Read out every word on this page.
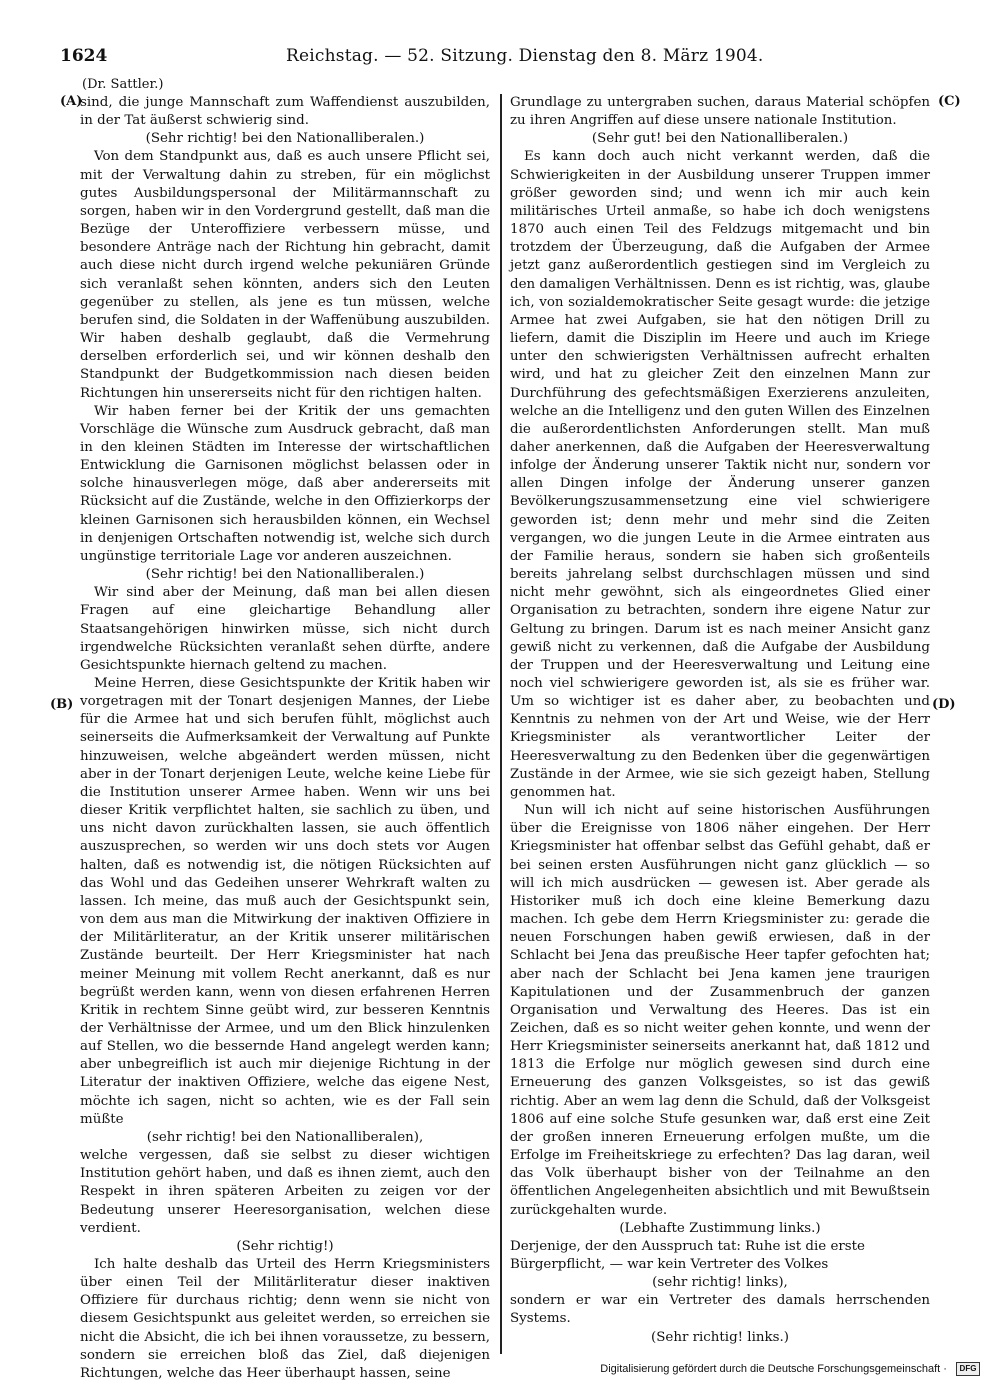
1624	Reichstag. — 52. Sitzung. Dienstag den 8. März 1904.
(Dr. Sattler.)
(A)
(B)
(C)
(D)

sind, die junge Mannschaft zum Waffendienst auszubilden, in der Tat äußerst schwierig sind.

(Sehr richtig! bei den Nationalliberalen.)

Von dem Standpunkt aus, daß es auch unsere Pflicht sei, mit der Verwaltung dahin zu streben, für ein möglichst gutes Ausbildungspersonal der Militärmannschaft zu sorgen, haben wir in den Vordergrund gestellt, daß man die Bezüge der Unteroffiziere verbessern müsse, und besondere Anträge nach der Richtung hin gebracht, damit auch diese nicht durch irgend welche pekuniären Gründe sich veranlaßt sehen könnten, anders sich den Leuten gegenüber zu stellen, als jene es tun müssen, welche berufen sind, die Soldaten in der Waffenübung auszubilden. Wir haben deshalb geglaubt, daß die Vermehrung derselben erforderlich sei, und wir können deshalb den Standpunkt der Budgetkommission nach diesen beiden Richtungen hin unsererseits nicht für den richtigen halten.

Wir haben ferner bei der Kritik der uns gemachten Vorschläge die Wünsche zum Ausdruck gebracht, daß man in den kleinen Städten im Interesse der wirtschaftlichen Entwicklung die Garnisonen möglichst belassen oder in solche hinausverlegen möge, daß aber andererseits mit Rücksicht auf die Zustände, welche in den Offizierkorps der kleinen Garnisonen sich herausbilden können, ein Wechsel in denjenigen Ortschaften notwendig ist, welche sich durch ungünstige territoriale Lage vor anderen auszeichnen.

(Sehr richtig! bei den Nationalliberalen.)

Wir sind aber der Meinung, daß man bei allen diesen Fragen auf eine gleichartige Behandlung aller Staatsangehörigen hinwirken müsse, sich nicht durch irgendwelche Rücksichten veranlaßt sehen dürfte, andere Gesichtspunkte hiernach geltend zu machen.

Meine Herren, diese Gesichtspunkte der Kritik haben wir vorgetragen mit der Tonart desjenigen Mannes, der Liebe für die Armee hat und sich berufen fühlt, möglichst auch seinerseits die Aufmerksamkeit der Verwaltung auf Punkte hinzuweisen, welche abgeändert werden müssen, nicht aber in der Tonart derjenigen Leute, welche keine Liebe für die Institution unserer Armee haben. Wenn wir uns bei dieser Kritik verpflichtet halten, sie sachlich zu üben, und uns nicht davon zurückhalten lassen, sie auch öffentlich auszusprechen, so werden wir uns doch stets vor Augen halten, daß es notwendig ist, die nötigen Rücksichten auf das Wohl und das Gedeihen unserer Wehrkraft walten zu lassen. Ich meine, das muß auch der Gesichtspunkt sein, von dem aus man die Mitwirkung der inaktiven Offiziere in der Militärliteratur, an der Kritik unserer militärischen Zustände beurteilt. Der Herr Kriegsminister hat nach meiner Meinung mit vollem Recht anerkannt, daß es nur begrüßt werden kann, wenn von diesen erfahrenen Herren Kritik in rechtem Sinne geübt wird, zur besseren Kenntnis der Verhältnisse der Armee, und um den Blick hinzulenken auf Stellen, wo die bessernde Hand angelegt werden kann; aber unbegreiflich ist auch mir diejenige Richtung in der Literatur der inaktiven Offiziere, welche das eigene Nest, möchte ich sagen, nicht so achten, wie es der Fall sein müßte

(sehr richtig! bei den Nationalliberalen),

welche vergessen, daß sie selbst zu dieser wichtigen Institution gehört haben, und daß es ihnen ziemt, auch den Respekt in ihren späteren Arbeiten zu zeigen vor der Bedeutung unserer Heeresorganisation, welchen diese verdient.

(Sehr richtig!)

Ich halte deshalb das Urteil des Herrn Kriegsministers über einen Teil der Militärliteratur dieser inaktiven Offiziere für durchaus richtig; denn wenn sie nicht von diesem Gesichtspunkt aus geleitet werden, so erreichen sie nicht die Absicht, die ich bei ihnen voraussetze, zu bessern, sondern sie erreichen bloß das Ziel, daß diejenigen Richtungen, welche das Heer überhaupt hassen, seine

Grundlage zu untergraben suchen, daraus Material schöpfen zu ihren Angriffen auf diese unsere nationale Institution.

(Sehr gut! bei den Nationalliberalen.)

Es kann doch auch nicht verkannt werden, daß die Schwierigkeiten in der Ausbildung unserer Truppen immer größer geworden sind; und wenn ich mir auch kein militärisches Urteil anmaße, so habe ich doch wenigstens 1870 auch einen Teil des Feldzugs mitgemacht und bin trotzdem der Überzeugung, daß die Aufgaben der Armee jetzt ganz außerordentlich gestiegen sind im Vergleich zu den damaligen Verhältnissen. Denn es ist richtig, was, glaube ich, von sozialdemokratischer Seite gesagt wurde: die jetzige Armee hat zwei Aufgaben, sie hat den nötigen Drill zu liefern, damit die Disziplin im Heere und auch im Kriege unter den schwierigsten Verhältnissen aufrecht erhalten wird, und hat zu gleicher Zeit den einzelnen Mann zur Durchführung des gefechtsmäßigen Exerzierens anzuleiten, welche an die Intelligenz und den guten Willen des Einzelnen die außerordentlichsten Anforderungen stellt. Man muß daher anerkennen, daß die Aufgaben der Heeresverwaltung infolge der Änderung unserer Taktik nicht nur, sondern vor allen Dingen infolge der Änderung unserer ganzen Bevölkerungszusammensetzung eine viel schwierigere geworden ist; denn mehr und mehr sind die Zeiten vergangen, wo die jungen Leute in die Armee eintraten aus der Familie heraus, sondern sie haben sich großenteils bereits jahrelang selbst durchschlagen müssen und sind nicht mehr gewöhnt, sich als eingeordnetes Glied einer Organisation zu betrachten, sondern ihre eigene Natur zur Geltung zu bringen. Darum ist es nach meiner Ansicht ganz gewiß nicht zu verkennen, daß die Aufgabe der Ausbildung der Truppen und der Heeresverwaltung und Leitung eine noch viel schwierigere geworden ist, als sie es früher war. Um so wichtiger ist es daher aber, zu beobachten und Kenntnis zu nehmen von der Art und Weise, wie der Herr Kriegsminister als verantwortlicher Leiter der Heeresverwaltung zu den Bedenken über die gegenwärtigen Zustände in der Armee, wie sie sich gezeigt haben, Stellung genommen hat.

Nun will ich nicht auf seine historischen Ausführungen über die Ereignisse von 1806 näher eingehen. Der Herr Kriegsminister hat offenbar selbst das Gefühl gehabt, daß er bei seinen ersten Ausführungen nicht ganz glücklich — so will ich mich ausdrücken — gewesen ist. Aber gerade als Historiker muß ich doch eine kleine Bemerkung dazu machen. Ich gebe dem Herrn Kriegsminister zu: gerade die neuen Forschungen haben gewiß erwiesen, daß in der Schlacht bei Jena das preußische Heer tapfer gefochten hat; aber nach der Schlacht bei Jena kamen jene traurigen Kapitulationen und der Zusammenbruch der ganzen Organisation und Verwaltung des Heeres. Das ist ein Zeichen, daß es so nicht weiter gehen konnte, und wenn der Herr Kriegsminister seinerseits anerkannt hat, daß 1812 und 1813 die Erfolge nur möglich gewesen sind durch eine Erneuerung des ganzen Volksgeistes, so ist das gewiß richtig. Aber an wem lag denn die Schuld, daß der Volksgeist 1806 auf eine solche Stufe gesunken war, daß erst eine Zeit der großen inneren Erneuerung erfolgen mußte, um die Erfolge im Freiheitskriege zu erfechten? Das lag daran, weil das Volk überhaupt bisher von der Teilnahme an den öffentlichen Angelegenheiten absichtlich und mit Bewußtsein zurückgehalten wurde.

(Lebhafte Zustimmung links.)

Derjenige, der den Ausspruch tat: Ruhe ist die erste Bürgerpflicht, — war kein Vertreter des Volkes

(sehr richtig! links),

sondern er war ein Vertreter des damals herrschenden Systems.

(Sehr richtig! links.)

Digitalisierung gefördert durch die Deutsche Forschungsgemeinschaft · DFG
